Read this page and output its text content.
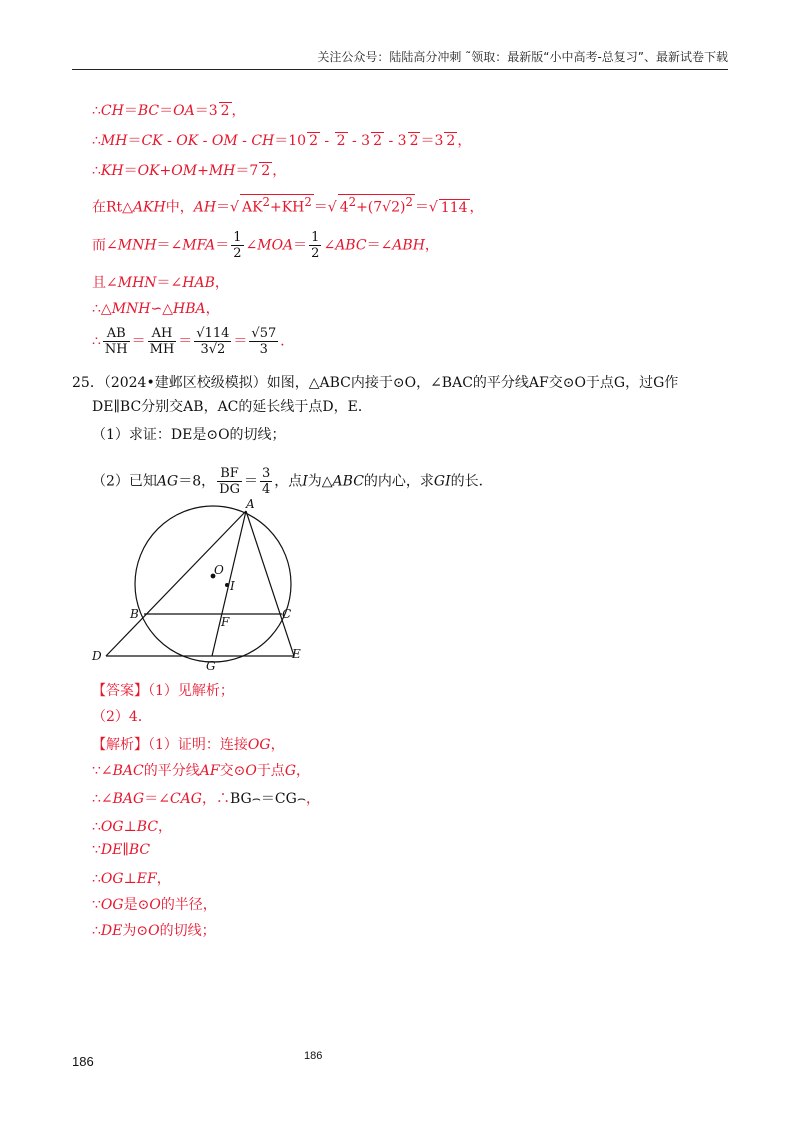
关注公众号：陆陆高分冲刺 ˜领取：最新版“小中高考-总复习”、最新试卷下载
∴CH＝BC＝OA＝3 2 ，
∴MH＝CK - OK - OM - CH＝10 2 - 2 - 3 2 - 3 2 ＝3 2 ，
∴KH＝OK+OM+MH＝7 2 ，
在Rt△AKH中，AH＝√ $AK^2+KH^2$ ＝√ $4^2+(7√2)^2$ ＝√ 114 ，
而∠MNH＝∠MFA＝ $\frac{1}{2}$ ∠MOA＝ $\frac{1}{2}$ ∠ABC＝∠ABH，
且∠MHN＝∠HAB，
∴△MNH∽△HBA，
∴ $\frac{AB}{NH} = \frac{AH}{MH} = \frac{√114}{3√2} = \frac{√57}{3}$ ．
25．（2024•建邺区校级模拟）如图，△ABC内接于⊙O，∠BAC的平分线AF交⊙O于点G，过G作
DE∥BC分别交AB，AC的延长线于点D，E．
（1）求证：DE是⊙O的切线；
（2）已知AG＝8， $\frac{BF}{DG} = \frac{3}{4}$ ，点I为△ABC的内心，求GI的长．
A
O
I
B	C
F
D
G
E
【答案】（1）见解析；
（2）4．
【解析】（1）证明：连接OG，
∵∠BAC的平分线AF交⊙O于点G，
∴∠BAG＝∠CAG，∴BG⌢＝CG⌢，
∴OG⊥BC，
∵DE∥BC
∴OG⊥EF，
∵OG是⊙O的半径，
∴DE为⊙O的切线；
186	186
